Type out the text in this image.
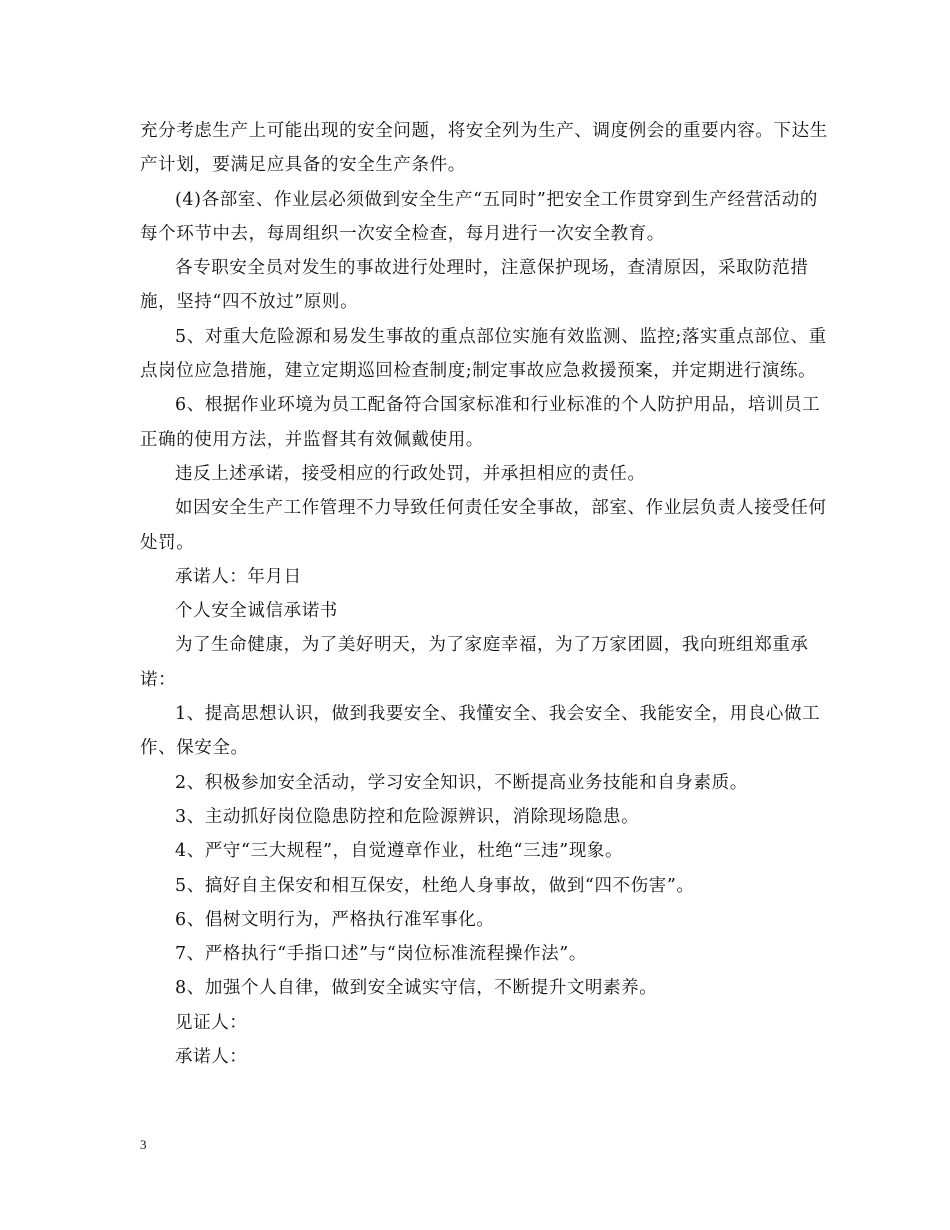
充分考虑生产上可能出现的安全问题，将安全列为生产、调度例会的重要内容。下达生产计划，要满足应具备的安全生产条件。

(4)各部室、作业层必须做到安全生产“五同时”把安全工作贯穿到生产经营活动的每个环节中去，每周组织一次安全检查，每月进行一次安全教育。

各专职安全员对发生的事故进行处理时，注意保护现场，查清原因，采取防范措施，坚持“四不放过”原则。

5、对重大危险源和易发生事故的重点部位实施有效监测、监控;落实重点部位、重点岗位应急措施，建立定期巡回检查制度;制定事故应急救援预案，并定期进行演练。

6、根据作业环境为员工配备符合国家标准和行业标准的个人防护用品，培训员工正确的使用方法，并监督其有效佩戴使用。

违反上述承诺，接受相应的行政处罚，并承担相应的责任。

如因安全生产工作管理不力导致任何责任安全事故，部室、作业层负责人接受任何处罚。

承诺人：年月日

个人安全诚信承诺书

为了生命健康，为了美好明天，为了家庭幸福，为了万家团圆，我向班组郑重承诺：

1、提高思想认识，做到我要安全、我懂安全、我会安全、我能安全，用良心做工作、保安全。

2、积极参加安全活动，学习安全知识，不断提高业务技能和自身素质。

3、主动抓好岗位隐患防控和危险源辨识，消除现场隐患。

4、严守“三大规程”，自觉遵章作业，杜绝“三违”现象。

5、搞好自主保安和相互保安，杜绝人身事故，做到“四不伤害”。

6、倡树文明行为，严格执行准军事化。

7、严格执行“手指口述”与“岗位标准流程操作法”。

8、加强个人自律，做到安全诚实守信，不断提升文明素养。

见证人：

承诺人：

3
